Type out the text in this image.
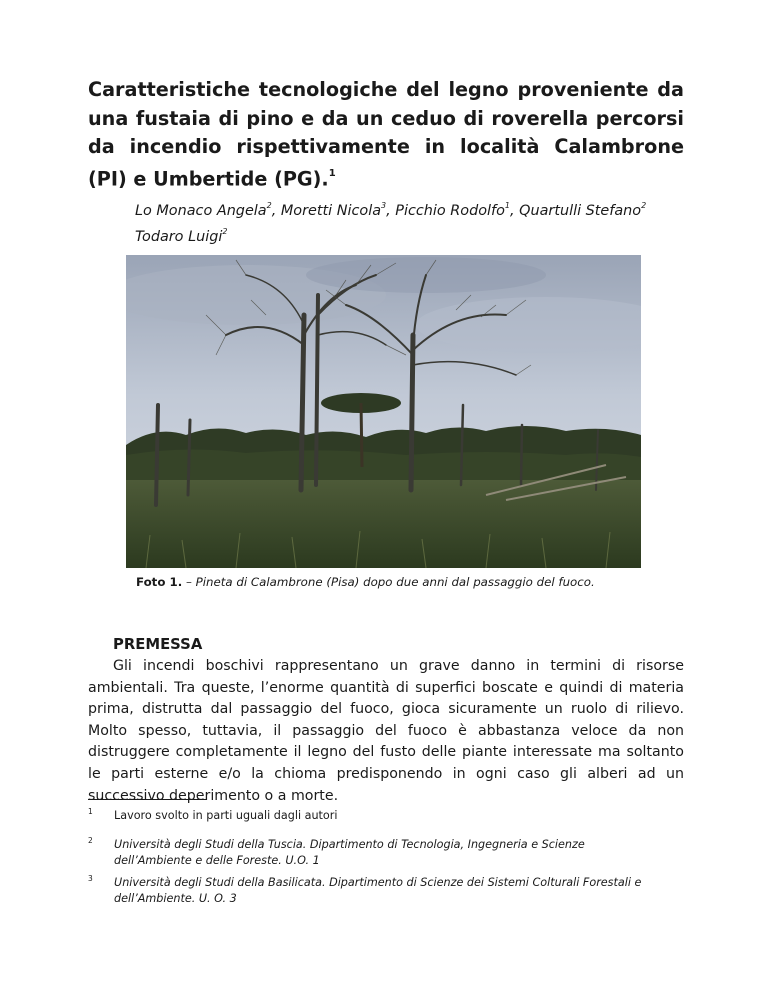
Caratteristiche tecnologiche del legno proveniente da una fustaia di pino e da un ceduo di roverella percorsi da incendio rispettivamente in località Calambrone (PI) e Umbertide (PG).$^1$

Lo Monaco Angela$^2$, Moretti Nicola$^3$, Picchio Rodolfo$^1$, Quartulli Stefano$^2$ Todaro Luigi$^2$

Foto 1. – Pineta di Calambrone (Pisa) dopo due anni dal passaggio del fuoco.

PREMESSA

Gli incendi boschivi rappresentano un grave danno in termini di risorse ambientali. Tra queste, l’enorme quantità di superfici boscate e quindi di materia prima, distrutta dal passaggio del fuoco, gioca sicuramente un ruolo di rilievo. Molto spesso, tuttavia, il passaggio del fuoco è abbastanza veloce da non distruggere completamente il legno del fusto delle piante interessate ma soltanto le parti esterne e/o la chioma predisponendo in ogni caso gli alberi ad un successivo deperimento o a morte.

1 Lavoro svolto in parti uguali dagli autori
2 Università degli Studi della Tuscia. Dipartimento di Tecnologia, Ingegneria e Scienze dell’Ambiente e delle Foreste. U.O. 1
3 Università degli Studi della Basilicata. Dipartimento di Scienze dei Sistemi Colturali Forestali e dell’Ambiente. U. O. 3
